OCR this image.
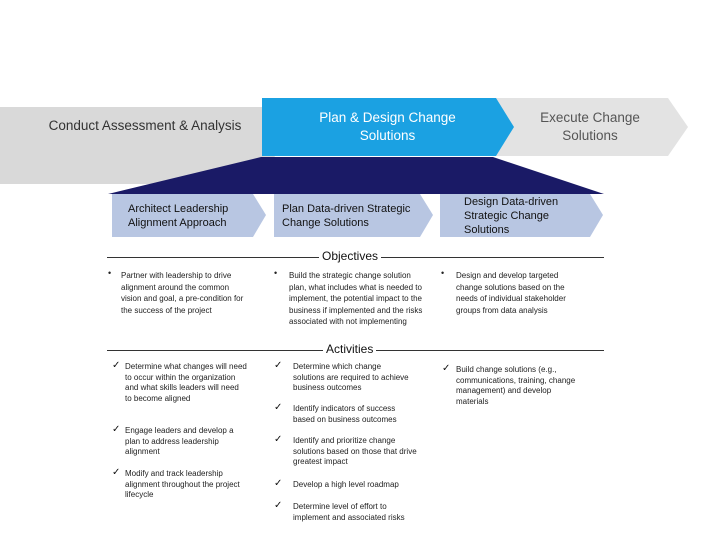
Conduct Assessment & Analysis
Plan & Design Change Solutions
Execute Change Solutions
Architect Leadership Alignment Approach
Plan Data-driven Strategic Change Solutions
Design Data-driven Strategic Change Solutions
Objectives
• Partner with leadership to drive alignment around the common vision and goal, a pre-condition for the success of the project
• Build the strategic change solution plan, what includes what is needed to implement, the potential impact to the business if implemented and the risks associated with not implementing
• Design and develop targeted change solutions based on the needs of individual stakeholder groups from data analysis
Activities
✓ Determine what changes will need to occur within the organization and what skills leaders will need to become aligned
✓ Engage leaders and develop a plan to address leadership alignment
✓ Modify and track leadership alignment throughout the project lifecycle
✓ Determine which change solutions are required to achieve business outcomes
✓ Identify indicators of success based on business outcomes
✓ Identify and prioritize change solutions based on those that drive greatest impact
✓ Develop a high level roadmap
✓ Determine level of effort to implement and associated risks
✓ Build change solutions (e.g., communications, training, change management) and develop materials
